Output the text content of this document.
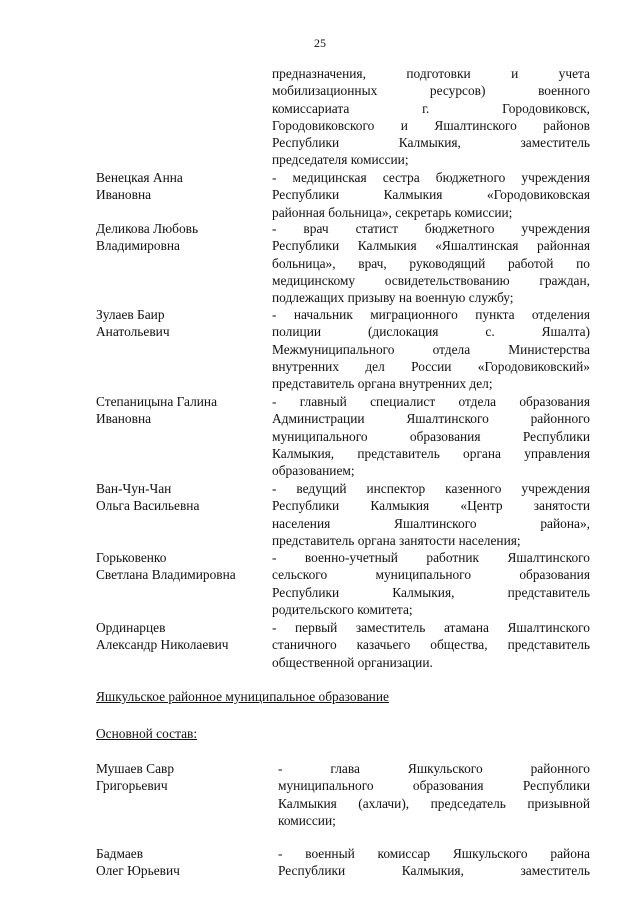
25
предназначения, подготовки и учета
мобилизационных ресурсов) военного
комиссариата г. Городовиковск,
Городовиковского и Яшалтинского районов
Республики Калмыкия, заместитель
председателя комиссии;
Венецкая Анна
Ивановна
- медицинская сестра бюджетного учреждения
Республики Калмыкия «Городовиковская
районная больница», секретарь комиссии;
Деликова Любовь
Владимировна
- врач статист бюджетного учреждения
Республики Калмыкия «Яшалтинская районная
больница», врач, руководящий работой по
медицинскому освидетельствованию граждан,
подлежащих призыву на военную службу;
Зулаев Баир
Анатольевич
- начальник миграционного пункта отделения
полиции (дислокация с. Яшалта)
Межмуниципального отдела Министерства
внутренних дел России «Городовиковский»
представитель органа внутренних дел;
Степаницына Галина
Ивановна
- главный специалист отдела образования
Администрации Яшалтинского районного
муниципального образования Республики
Калмыкия, представитель органа управления
образованием;
Ван-Чун-Чан
Ольга Васильевна
- ведущий инспектор казенного учреждения
Республики Калмыкия «Центр занятости
населения Яшалтинского района»,
представитель органа занятости населения;
Горьковенко
Светлана Владимировна
- военно-учетный работник Яшалтинского
сельского муниципального образования
Республики Калмыкия, представитель
родительского комитета;
Ординарцев
Александр Николаевич
- первый заместитель атамана Яшалтинского
станичного казачьего общества, представитель
общественной организации.
Яшкульское районное муниципальное образование
Основной состав:
Мушаев Савр
Григорьевич
- глава Яшкульского районного
муниципального образования Республики
Калмыкия (ахлачи), председатель призывной
комиссии;
Бадмаев
Олег Юрьевич
- военный комиссар Яшкульского района
Республики Калмыкия, заместитель
